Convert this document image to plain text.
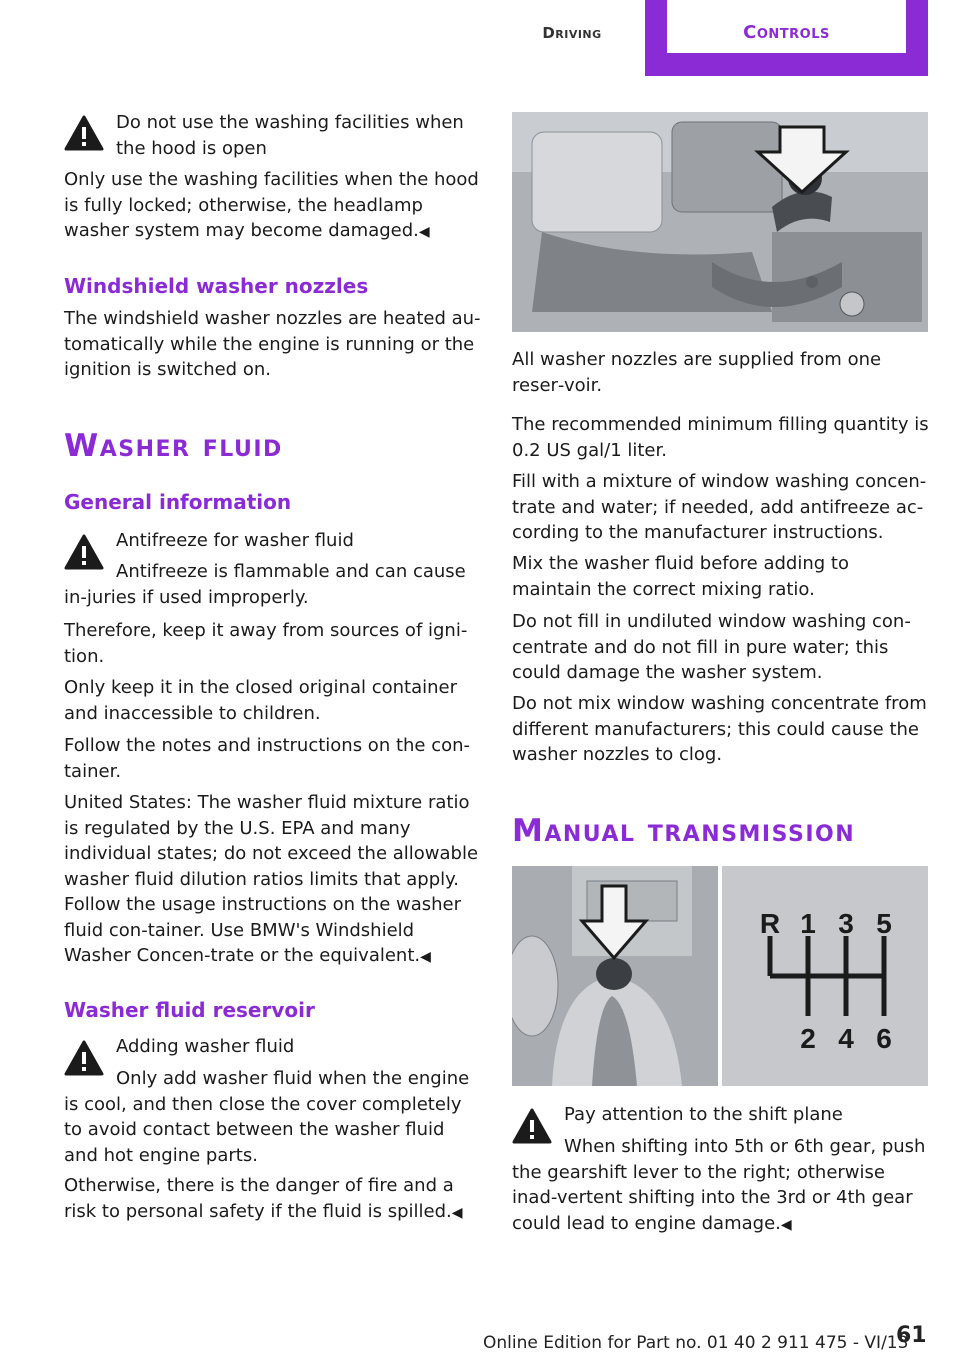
Driving	Controls

Do not use the washing facilities when the hood is open

Only use the washing facilities when the hood is fully locked; otherwise, the headlamp washer system may become damaged.◀

Windshield washer nozzles

The windshield washer nozzles are heated au‐tomatically while the engine is running or the ignition is switched on.

Washer fluid
General information

Antifreeze for washer fluid

Antifreeze is flammable and can cause in‐juries if used improperly.

Therefore, keep it away from sources of igni‐tion.

Only keep it in the closed original container and inaccessible to children.

Follow the notes and instructions on the con‐tainer.

United States: The washer fluid mixture ratio is regulated by the U.S. EPA and many individual states; do not exceed the allowable washer fluid dilution ratios limits that apply. Follow the usage instructions on the washer fluid con‐tainer. Use BMW's Windshield Washer Concen‐trate or the equivalent.◀

Washer fluid reservoir

Adding washer fluid

Only add washer fluid when the engine is cool, and then close the cover completely to avoid contact between the washer fluid and hot engine parts.

Otherwise, there is the danger of fire and a risk to personal safety if the fluid is spilled.◀

All washer nozzles are supplied from one reser‐voir.

The recommended minimum filling quantity is 0.2 US gal/1 liter.

Fill with a mixture of window washing concen‐trate and water; if needed, add antifreeze ac‐cording to the manufacturer instructions.

Mix the washer fluid before adding to maintain the correct mixing ratio.

Do not fill in undiluted window washing con‐centrate and do not fill in pure water; this could damage the washer system.

Do not mix window washing concentrate from different manufacturers; this could cause the washer nozzles to clog.

Manual transmission
R 1 3 5
2 4 6

Pay attention to the shift plane

When shifting into 5th or 6th gear, push the gearshift lever to the right; otherwise inad‐vertent shifting into the 3rd or 4th gear could lead to engine damage.◀

Online Edition for Part no. 01 40 2 911 475 - VI/13
61
